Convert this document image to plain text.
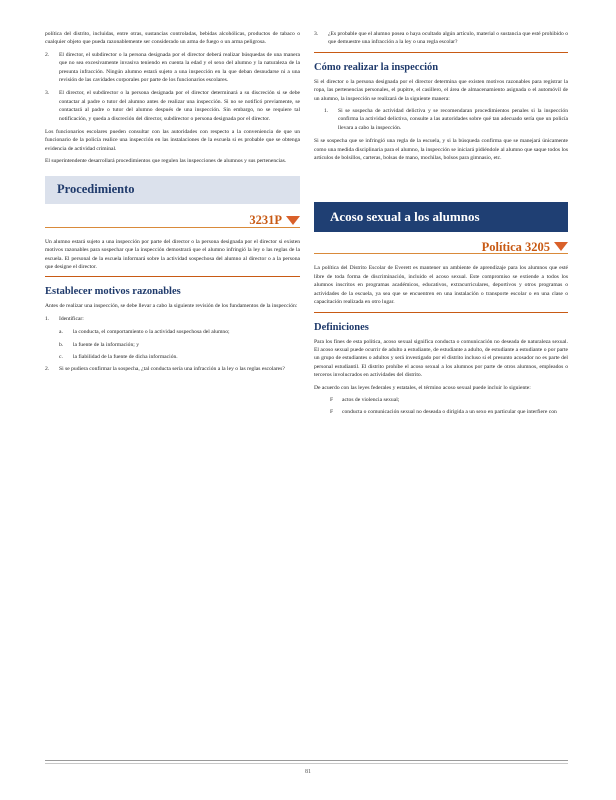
política del distrito, incluidas, entre otras, sustancias controladas, bebidas alcohólicas, productos de tabaco o cualquier objeto que pueda razonablemente ser considerado un arma de fuego o un arma peligrosa.

2.	El director, el subdirector o la persona designada por el director deberá realizar búsquedas de una manera que no sea excesivamente invasiva teniendo en cuenta la edad y el sexo del alumno y la naturaleza de la presunta infracción. Ningún alumno estará sujeto a una inspección en la que deban desnudarse ni a una revisión de las cavidades corporales por parte de los funcionarios escolares.
3.	El director, el subdirector o la persona designada por el director determinará a su discreción si se debe contactar al padre o tutor del alumno antes de realizar una inspección. Si no se notificó previamente, se contactará al padre o tutor del alumno después de una inspección. Sin embargo, no se requiere tal notificación, y queda a discreción del director, subdirector o persona designada por el director.

Los funcionarios escolares pueden consultar con las autoridades con respecto a la conveniencia de que un funcionario de la policía realice una inspección en las instalaciones de la escuela si es probable que se obtenga evidencia de actividad criminal.

El superintendente desarrollará procedimientos que regulen las inspecciones de alumnos y sus pertenencias.

Procedimiento
3231P

Un alumno estará sujeto a una inspección por parte del director o la persona designada por el director si existen motivos razonables para sospechar que la inspección demostrará que el alumno infringió la ley o las reglas de la escuela. El personal de la escuela informará sobre la actividad sospechosa del alumno al director o a la persona que designe el director.

Establecer motivos razonables

Antes de realizar una inspección, se debe llevar a cabo la siguiente revisión de los fundamentos de la inspección:

1.	Identificar:
a.	la conducta, el comportamiento o la actividad sospechosa del alumno;
b.	la fuente de la información; y
c.	la fiabilidad de la fuente de dicha información.
2.	Si se pudiera confirmar la sospecha, ¿tal conducta sería una infracción a la ley o las reglas escolares?
3.	¿Es probable que el alumno posea o haya ocultado algún artículo, material o sustancia que esté prohibido o que demuestre una infracción a la ley o una regla escolar?
Cómo realizar la inspección

Si el director o la persona designada por el director determina que existen motivos razonables para registrar la ropa, las pertenencias personales, el pupitre, el casillero, el área de almacenamiento asignada o el automóvil de un alumno, la inspección se realizará de la siguiente manera:

1.	Si se sospecha de actividad delictiva y se recomendaran procedimientos penales si la inspección confirma la actividad delictiva, consulte a las autoridades sobre qué tan adecuado sería que un policía llevara a cabo la inspección.

Si se sospecha que se infringió una regla de la escuela, y si la búsqueda confirma que se manejará únicamente como una medida disciplinaria para el alumno, la inspección se iniciará pidiéndole al alumno que saque todos los artículos de bolsillos, carteras, bolsas de mano, mochilas, bolsos para gimnasio, etc.

Acoso sexual a los alumnos
Política 3205

La política del Distrito Escolar de Everett es mantener un ambiente de aprendizaje para los alumnos que esté libre de toda forma de discriminación, incluido el acoso sexual. Este compromiso se extiende a todos los alumnos inscritos en programas académicos, educativos, extracurriculares, deportivos y otros programas o actividades de la escuela, ya sea que se encuentren en una instalación o transporte escolar o en una clase o capacitación realizada en otro lugar.

Definiciones

Para los fines de esta política, acoso sexual significa conducta o comunicación no deseada de naturaleza sexual. El acoso sexual puede ocurrir de adulto a estudiante, de estudiante a adulto, de estudiante a estudiante o por parte un grupo de estudiantes o adultos y será investigado por el distrito incluso si el presunto acosador no es parte del personal estudiantil. El distrito prohíbe el acoso sexual a los alumnos por parte de otros alumnos, empleados o terceros involucrados en actividades del distrito.

De acuerdo con las leyes federales y estatales, el término acoso sexual puede incluir lo siguiente:

F	actos de violencia sexual;
F	conducta o comunicación sexual no deseada o dirigida a un sexo en particular que interfiere con
81
